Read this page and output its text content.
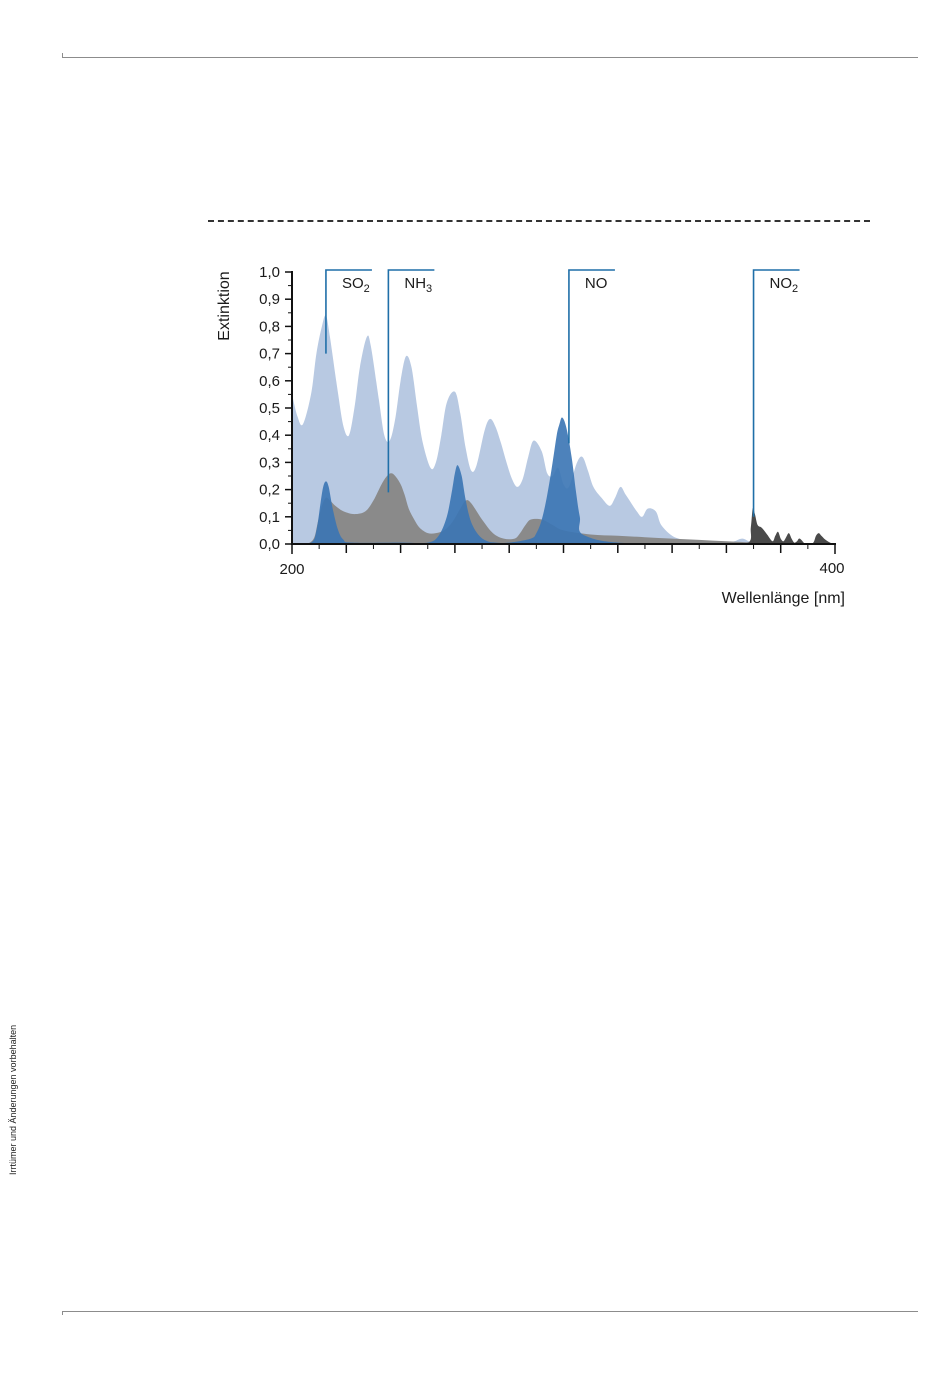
0,0
0,1
0,2
0,3
0,4
0,5
0,6
0,7
0,8
0,9
1,0
200	400
Wellenlänge [nm]
Extinktion	$SO_2$ $NH_3$	NO	$NO_2$
Irrtümer und Änderungen vorbehalten
